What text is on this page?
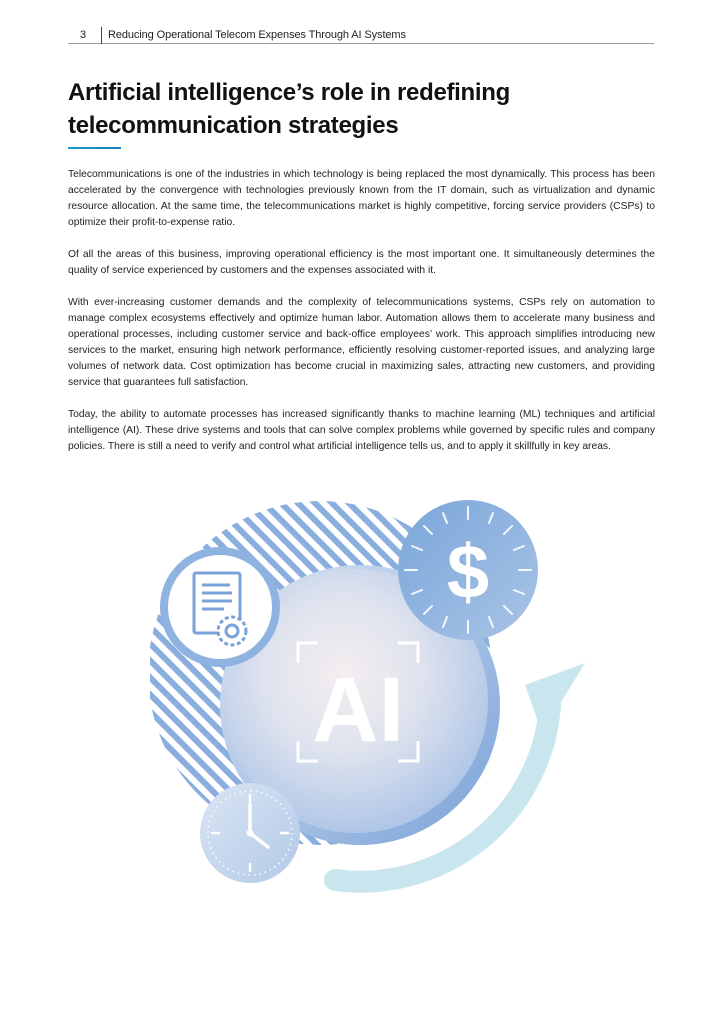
3 Reducing Operational Telecom Expenses Through AI Systems
Artificial intelligence’s role in redefining telecommunication strategies

Telecommunications is one of the industries in which technology is being replaced the most dynamically. This process has been accelerated by the convergence with technologies previously known from the IT domain, such as virtualization and dynamic resource allocation. At the same time, the telecommunications market is highly competitive, forcing service providers (CSPs) to optimize their profit-to-expense ratio.

Of all the areas of this business, improving operational efficiency is the most important one. It simultaneously determines the quality of service experienced by customers and the expenses associated with it.

With ever-increasing customer demands and the complexity of telecommunications systems, CSPs rely on automation to manage complex ecosystems effectively and optimize human labor. Automation allows them to accelerate many business and operational processes, including customer service and back-office employees’ work. This approach simplifies introducing new services to the market, ensuring high network performance, efficiently resolving customer-reported issues, and analyzing large volumes of network data. Cost optimization has become crucial in maximizing sales, attracting new customers, and providing service that guarantees full satisfaction.

Today, the ability to automate processes has increased significantly thanks to machine learning (ML) techniques and artificial intelligence (AI). These drive systems and tools that can solve complex problems while governed by specific rules and company policies. There is still a need to verify and control what artificial intelligence tells us, and to apply it skillfully in key areas.

AI
$
